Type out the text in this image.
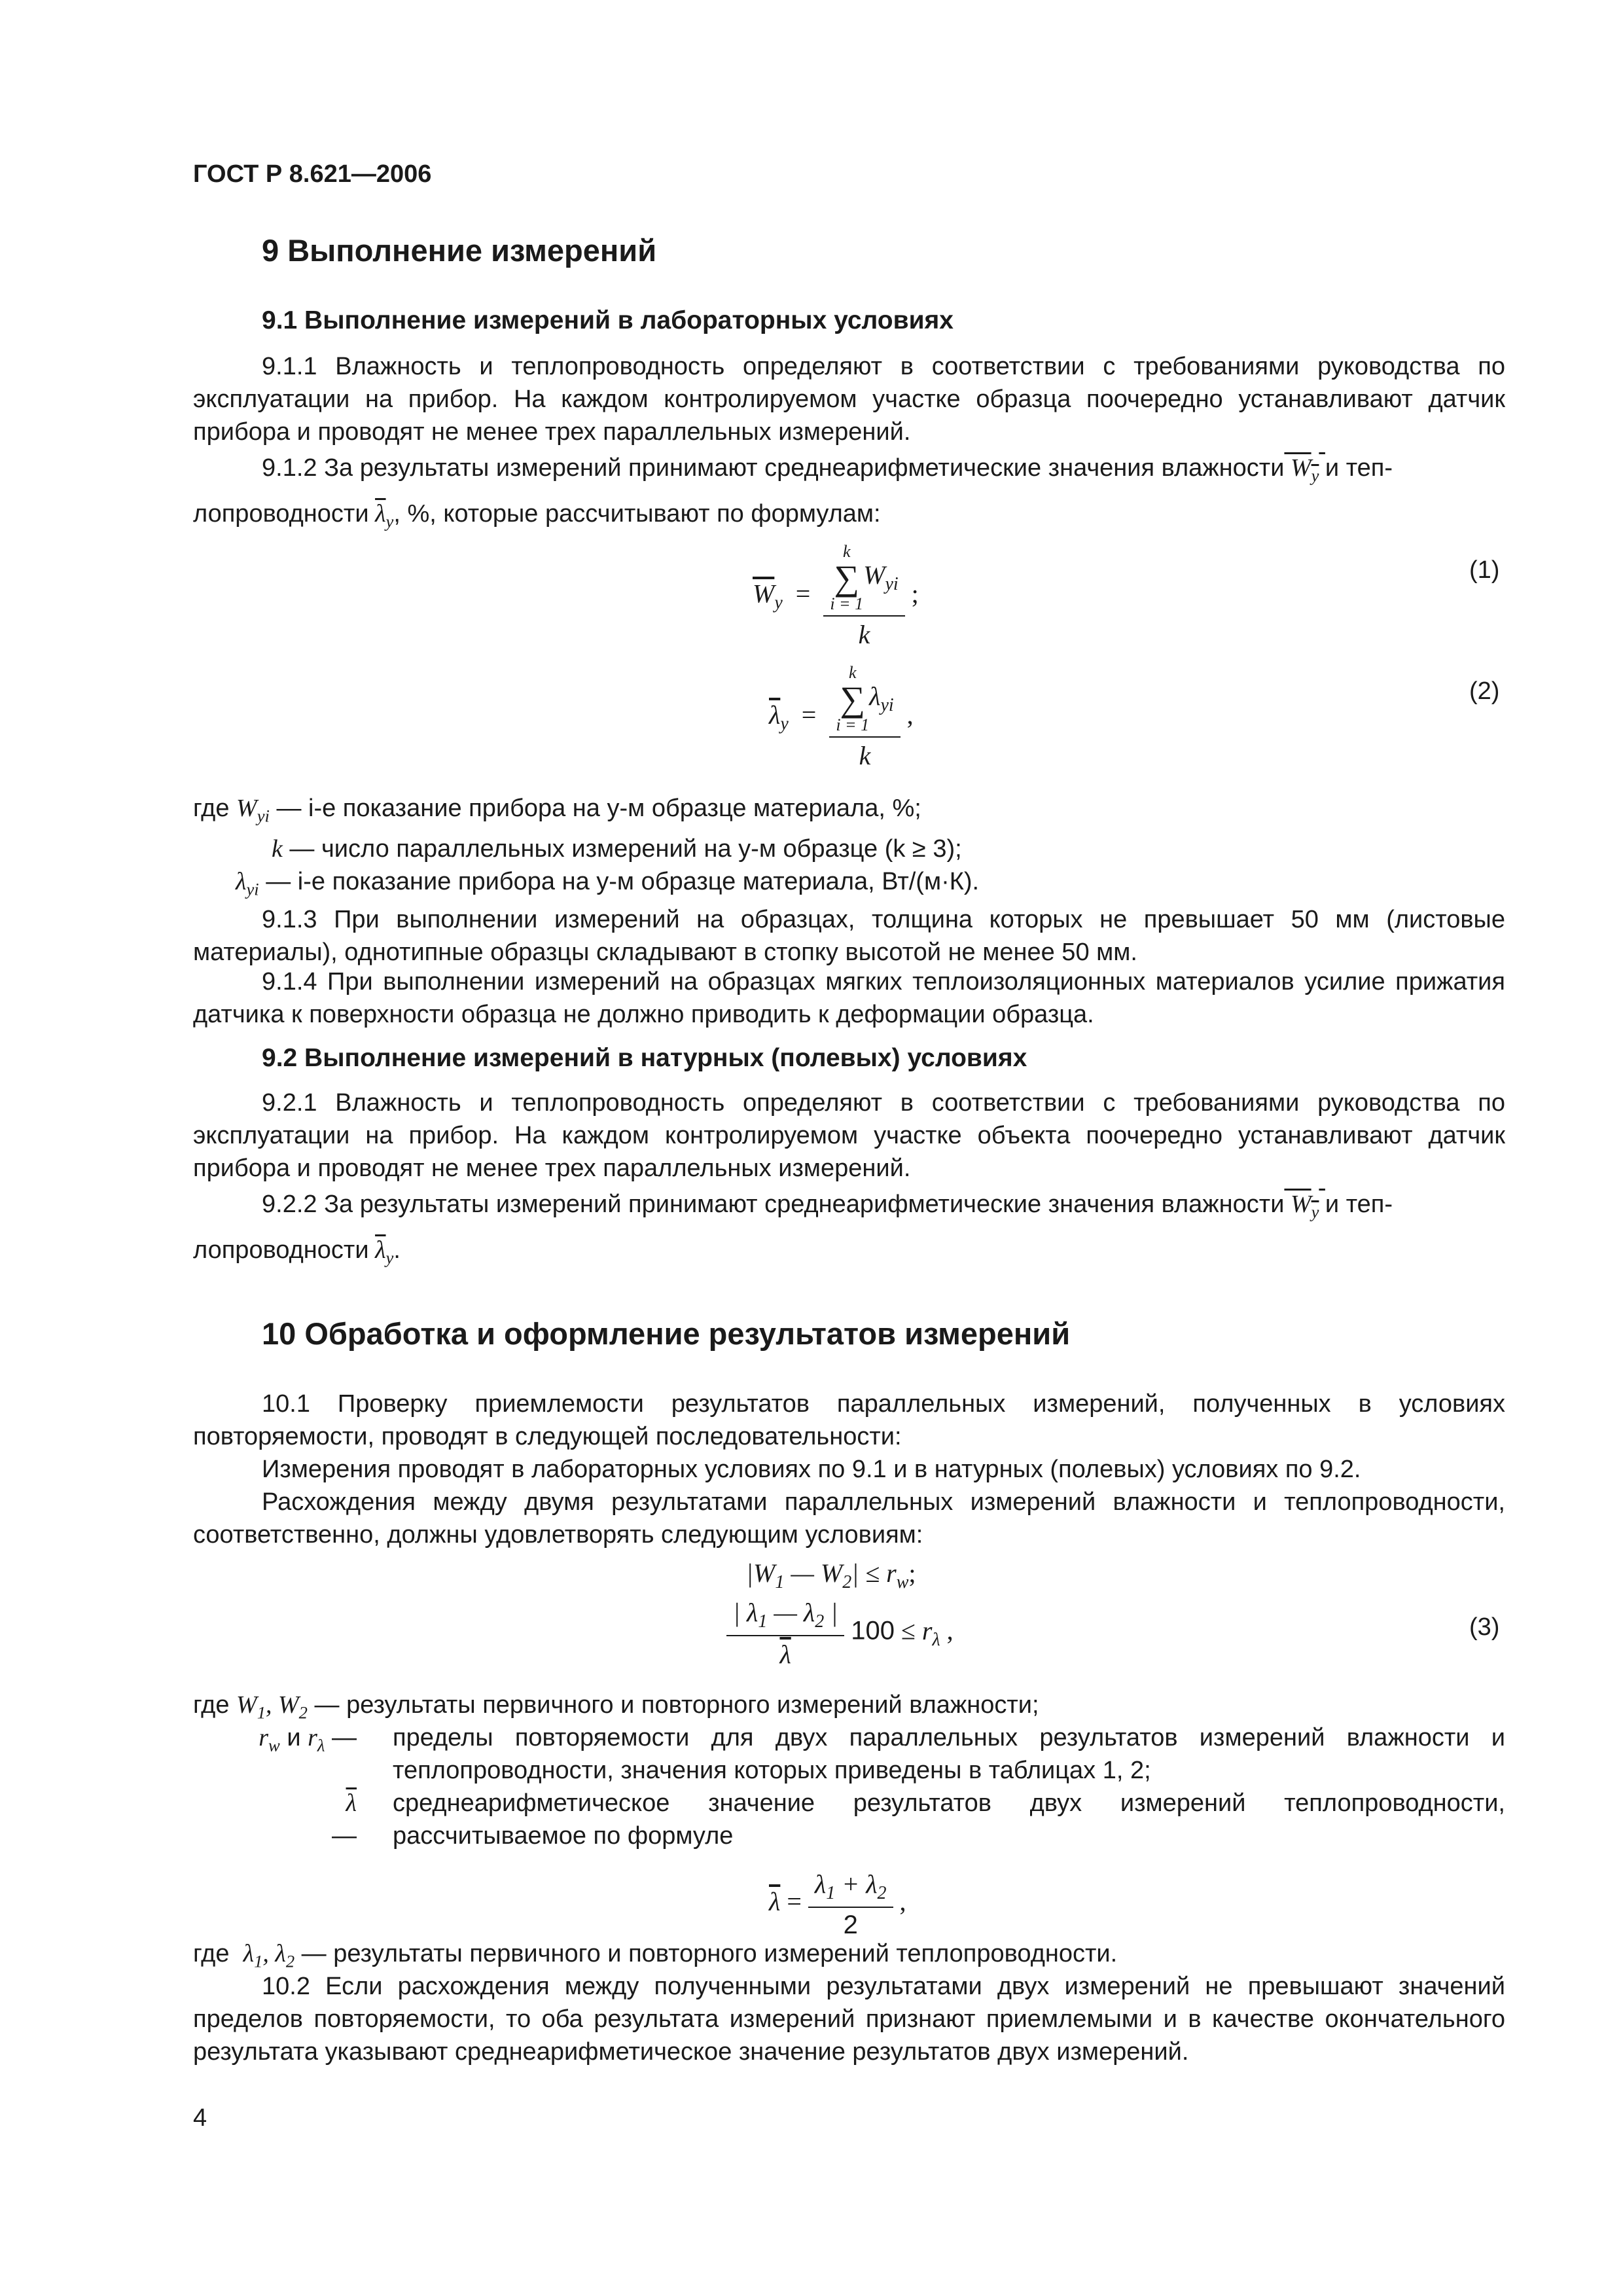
ГОСТ Р 8.621—2006
9 Выполнение измерений
9.1 Выполнение измерений в лабораторных условиях

9.1.1 Влажность и теплопроводность определяют в соответствии с требованиями руководства по эксплуатации на прибор. На каждом контролируемом участке образца поочередно устанавливают датчик прибора и проводят не менее трех параллельных измерений.

9.1.2 За результаты измерений принимают среднеарифметические значения влажности $W_y$ и теп-
лопроводности $\overline{\lambda}_y$, %, которые рассчитывают по формулам:
$\overline{W}_y = k$
∑
i = 1
$W_{yi}$
k ;
(1)
$\overline{\lambda}_y = k$
∑
i = 1
$\lambda_{yi}$
k ,
(2)
где $W_{yi}$ — i-е показание прибора на y-м образце материала, %;
k — число параллельных измерений на y-м образце (k ≥ 3);
$\lambda_{yi}$ — i-е показание прибора на y-м образце материала, Вт/(м·К).

9.1.3 При выполнении измерений на образцах, толщина которых не превышает 50 мм (листовые материалы), однотипные образцы складывают в стопку высотой не менее 50 мм.

9.1.4 При выполнении измерений на образцах мягких теплоизоляционных материалов усилие прижатия датчика к поверхности образца не должно приводить к деформации образца.

9.2 Выполнение измерений в натурных (полевых) условиях

9.2.1 Влажность и теплопроводность определяют в соответствии с требованиями руководства по эксплуатации на прибор. На каждом контролируемом участке объекта поочередно устанавливают датчик прибора и проводят не менее трех параллельных измерений.

9.2.2 За результаты измерений принимают среднеарифметические значения влажности $W_y$ и теп-
лопроводности $\overline{\lambda}_y$.
10 Обработка и оформление результатов измерений

10.1 Проверку приемлемости результатов параллельных измерений, полученных в условиях повторяемости, проводят в следующей последовательности:

Измерения проводят в лабораторных условиях по 9.1 и в натурных (полевых) условиях по 9.2.

Расхождения между двумя результатами параллельных измерений влажности и теплопроводности, соответственно, должны удовлетворять следующим условиям:

$|W_1$ — $W_2| \le r_w$;
$\frac{| \lambda_1 — \lambda_2 |}{\lambda} 100 \le r_\lambda$ ,	(3)
где $W_1$, $W_2$ — результаты первичного и повторного измерений влажности;
$r_w$ и $r_\lambda$ — пределы повторяемости для двух параллельных результатов измерений влажности и теплопроводности, значения которых приведены в таблицах 1, 2;
$\overline{\lambda}$ —
среднеарифметическое значение результатов двух измерений теплопроводности, рассчитываемое по формуле
$\overline{\lambda} = \frac{\lambda_1 + \lambda_2}{2}$ ,
где $\lambda_1$, $\lambda_2$ — результаты первичного и повторного измерений теплопроводности.

10.2 Если расхождения между полученными результатами двух измерений не превышают значений пределов повторяемости, то оба результата измерений признают приемлемыми и в качестве окончательного результата указывают среднеарифметическое значение результатов двух измерений.

4
